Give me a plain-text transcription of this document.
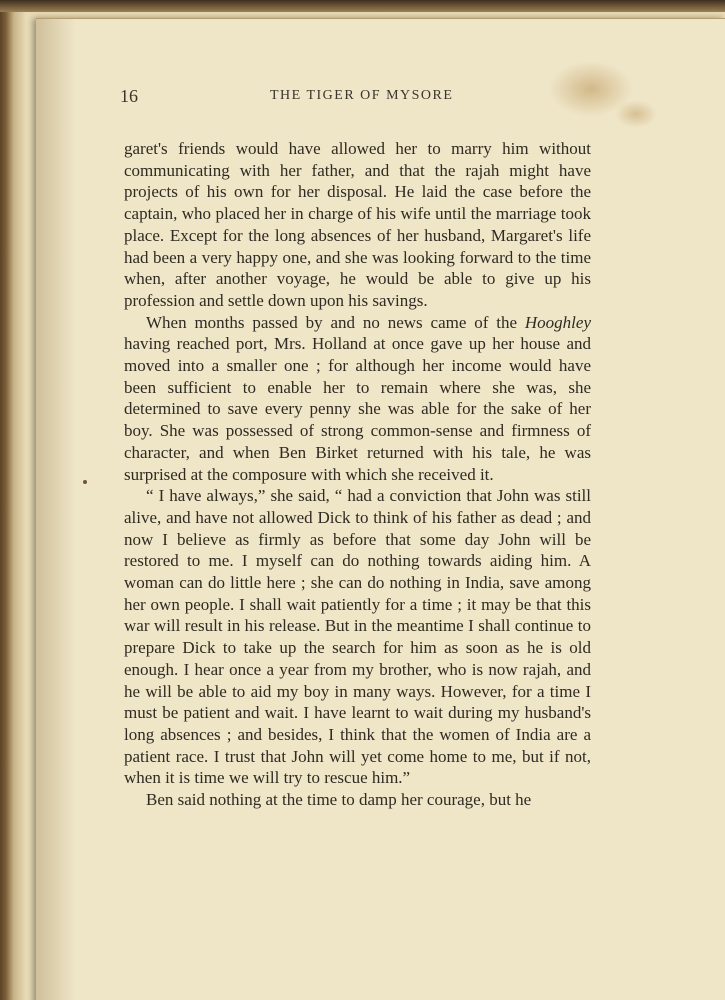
16	THE TIGER OF MYSORE

garet's friends would have allowed her to marry him without communicating with her father, and that the rajah might have projects of his own for her disposal. He laid the case before the captain, who placed her in charge of his wife until the marriage took place. Except for the long absences of her husband, Margaret's life had been a very happy one, and she was looking forward to the time when, after another voyage, he would be able to give up his profession and settle down upon his savings.

When months passed by and no news came of the Hooghley having reached port, Mrs. Holland at once gave up her house and moved into a smaller one ; for although her income would have been sufficient to enable her to remain where she was, she determined to save every penny she was able for the sake of her boy. She was possessed of strong common-sense and firmness of character, and when Ben Birket returned with his tale, he was surprised at the composure with which she received it.

“ I have always,” she said, “ had a conviction that John was still alive, and have not allowed Dick to think of his father as dead ; and now I believe as firmly as before that some day John will be restored to me. I myself can do nothing towards aiding him. A woman can do little here ; she can do nothing in India, save among her own people. I shall wait patiently for a time ; it may be that this war will result in his release. But in the meantime I shall continue to prepare Dick to take up the search for him as soon as he is old enough. I hear once a year from my brother, who is now rajah, and he will be able to aid my boy in many ways. However, for a time I must be patient and wait. I have learnt to wait during my husband's long absences ; and besides, I think that the women of India are a patient race. I trust that John will yet come home to me, but if not, when it is time we will try to rescue him.”

Ben said nothing at the time to damp her courage, but he
